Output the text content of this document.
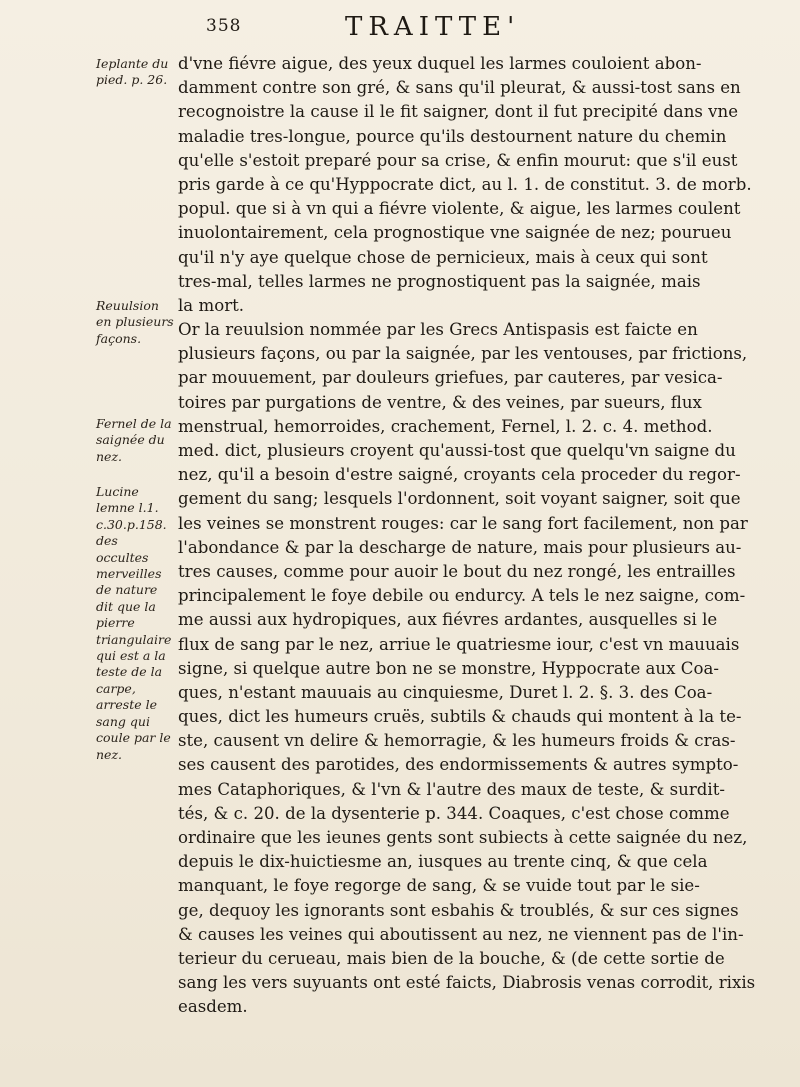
358	TRAITTE'
Ieplante du pied. p. 26.
Reuulsion en plusieurs façons.
Fernel de la saignée du nez.
Lucine lemne l.1. c.30.p.158. des occultes merveilles de nature dit que la pierre triangulaire qui est a la teste de la carpe, arreste le sang qui coule par le nez.
d'vne fiévre aigue, des yeux duquel les larmes couloient abon-
damment contre son gré, & sans qu'il pleurat, & aussi-tost sans en
recognoistre la cause il le fit saigner, dont il fut precipité dans vne
maladie tres-longue, pource qu'ils destournent nature du chemin
qu'elle s'estoit preparé pour sa crise, & enfin mourut: que s'il eust
pris garde à ce qu'Hyppocrate dict, au l. 1. de constitut. 3. de morb.
popul. que si à vn qui a fiévre violente, & aigue, les larmes coulent
inuolontairement, cela prognostique vne saignée de nez; pourueu
qu'il n'y aye quelque chose de pernicieux, mais à ceux qui sont
tres-mal, telles larmes ne prognostiquent pas la saignée, mais
la mort.
Or la reuulsion nommée par les Grecs Antispasis est faicte en
plusieurs façons, ou par la saignée, par les ventouses, par frictions,
par mouuement, par douleurs griefues, par cauteres, par vesica-
toires par purgations de ventre, & des veines, par sueurs, flux
menstrual, hemorroides, crachement, Fernel, l. 2. c. 4. method.
med. dict, plusieurs croyent qu'aussi-tost que quelqu'vn saigne du
nez, qu'il a besoin d'estre saigné, croyants cela proceder du regor-
gement du sang; lesquels l'ordonnent, soit voyant saigner, soit que
les veines se monstrent rouges: car le sang fort facilement, non par
l'abondance & par la descharge de nature, mais pour plusieurs au-
tres causes, comme pour auoir le bout du nez rongé, les entrailles
principalement le foye debile ou endurcy. A tels le nez saigne, com-
me aussi aux hydropiques, aux fiévres ardantes, ausquelles si le
flux de sang par le nez, arriue le quatriesme iour, c'est vn mauuais
signe, si quelque autre bon ne se monstre, Hyppocrate aux Coa-
ques, n'estant mauuais au cinquiesme, Duret l. 2. §. 3. des Coa-
ques, dict les humeurs cruës, subtils & chauds qui montent à la te-
ste, causent vn delire & hemorragie, & les humeurs froids & cras-
ses causent des parotides, des endormissements & autres sympto-
mes Cataphoriques, & l'vn & l'autre des maux de teste, & surdit-
tés, & c. 20. de la dysenterie p. 344. Coaques, c'est chose comme
ordinaire que les ieunes gents sont subiects à cette saignée du nez,
depuis le dix-huictiesme an, iusques au trente cinq, & que cela
manquant, le foye regorge de sang, & se vuide tout par le sie-
ge, dequoy les ignorants sont esbahis & troublés, & sur ces signes
& causes les veines qui aboutissent au nez, ne viennent pas de l'in-
terieur du cerueau, mais bien de la bouche, & (de cette sortie de
sang les vers suyuants ont esté faicts, Diabrosis venas corrodit, rixis
easdem.
